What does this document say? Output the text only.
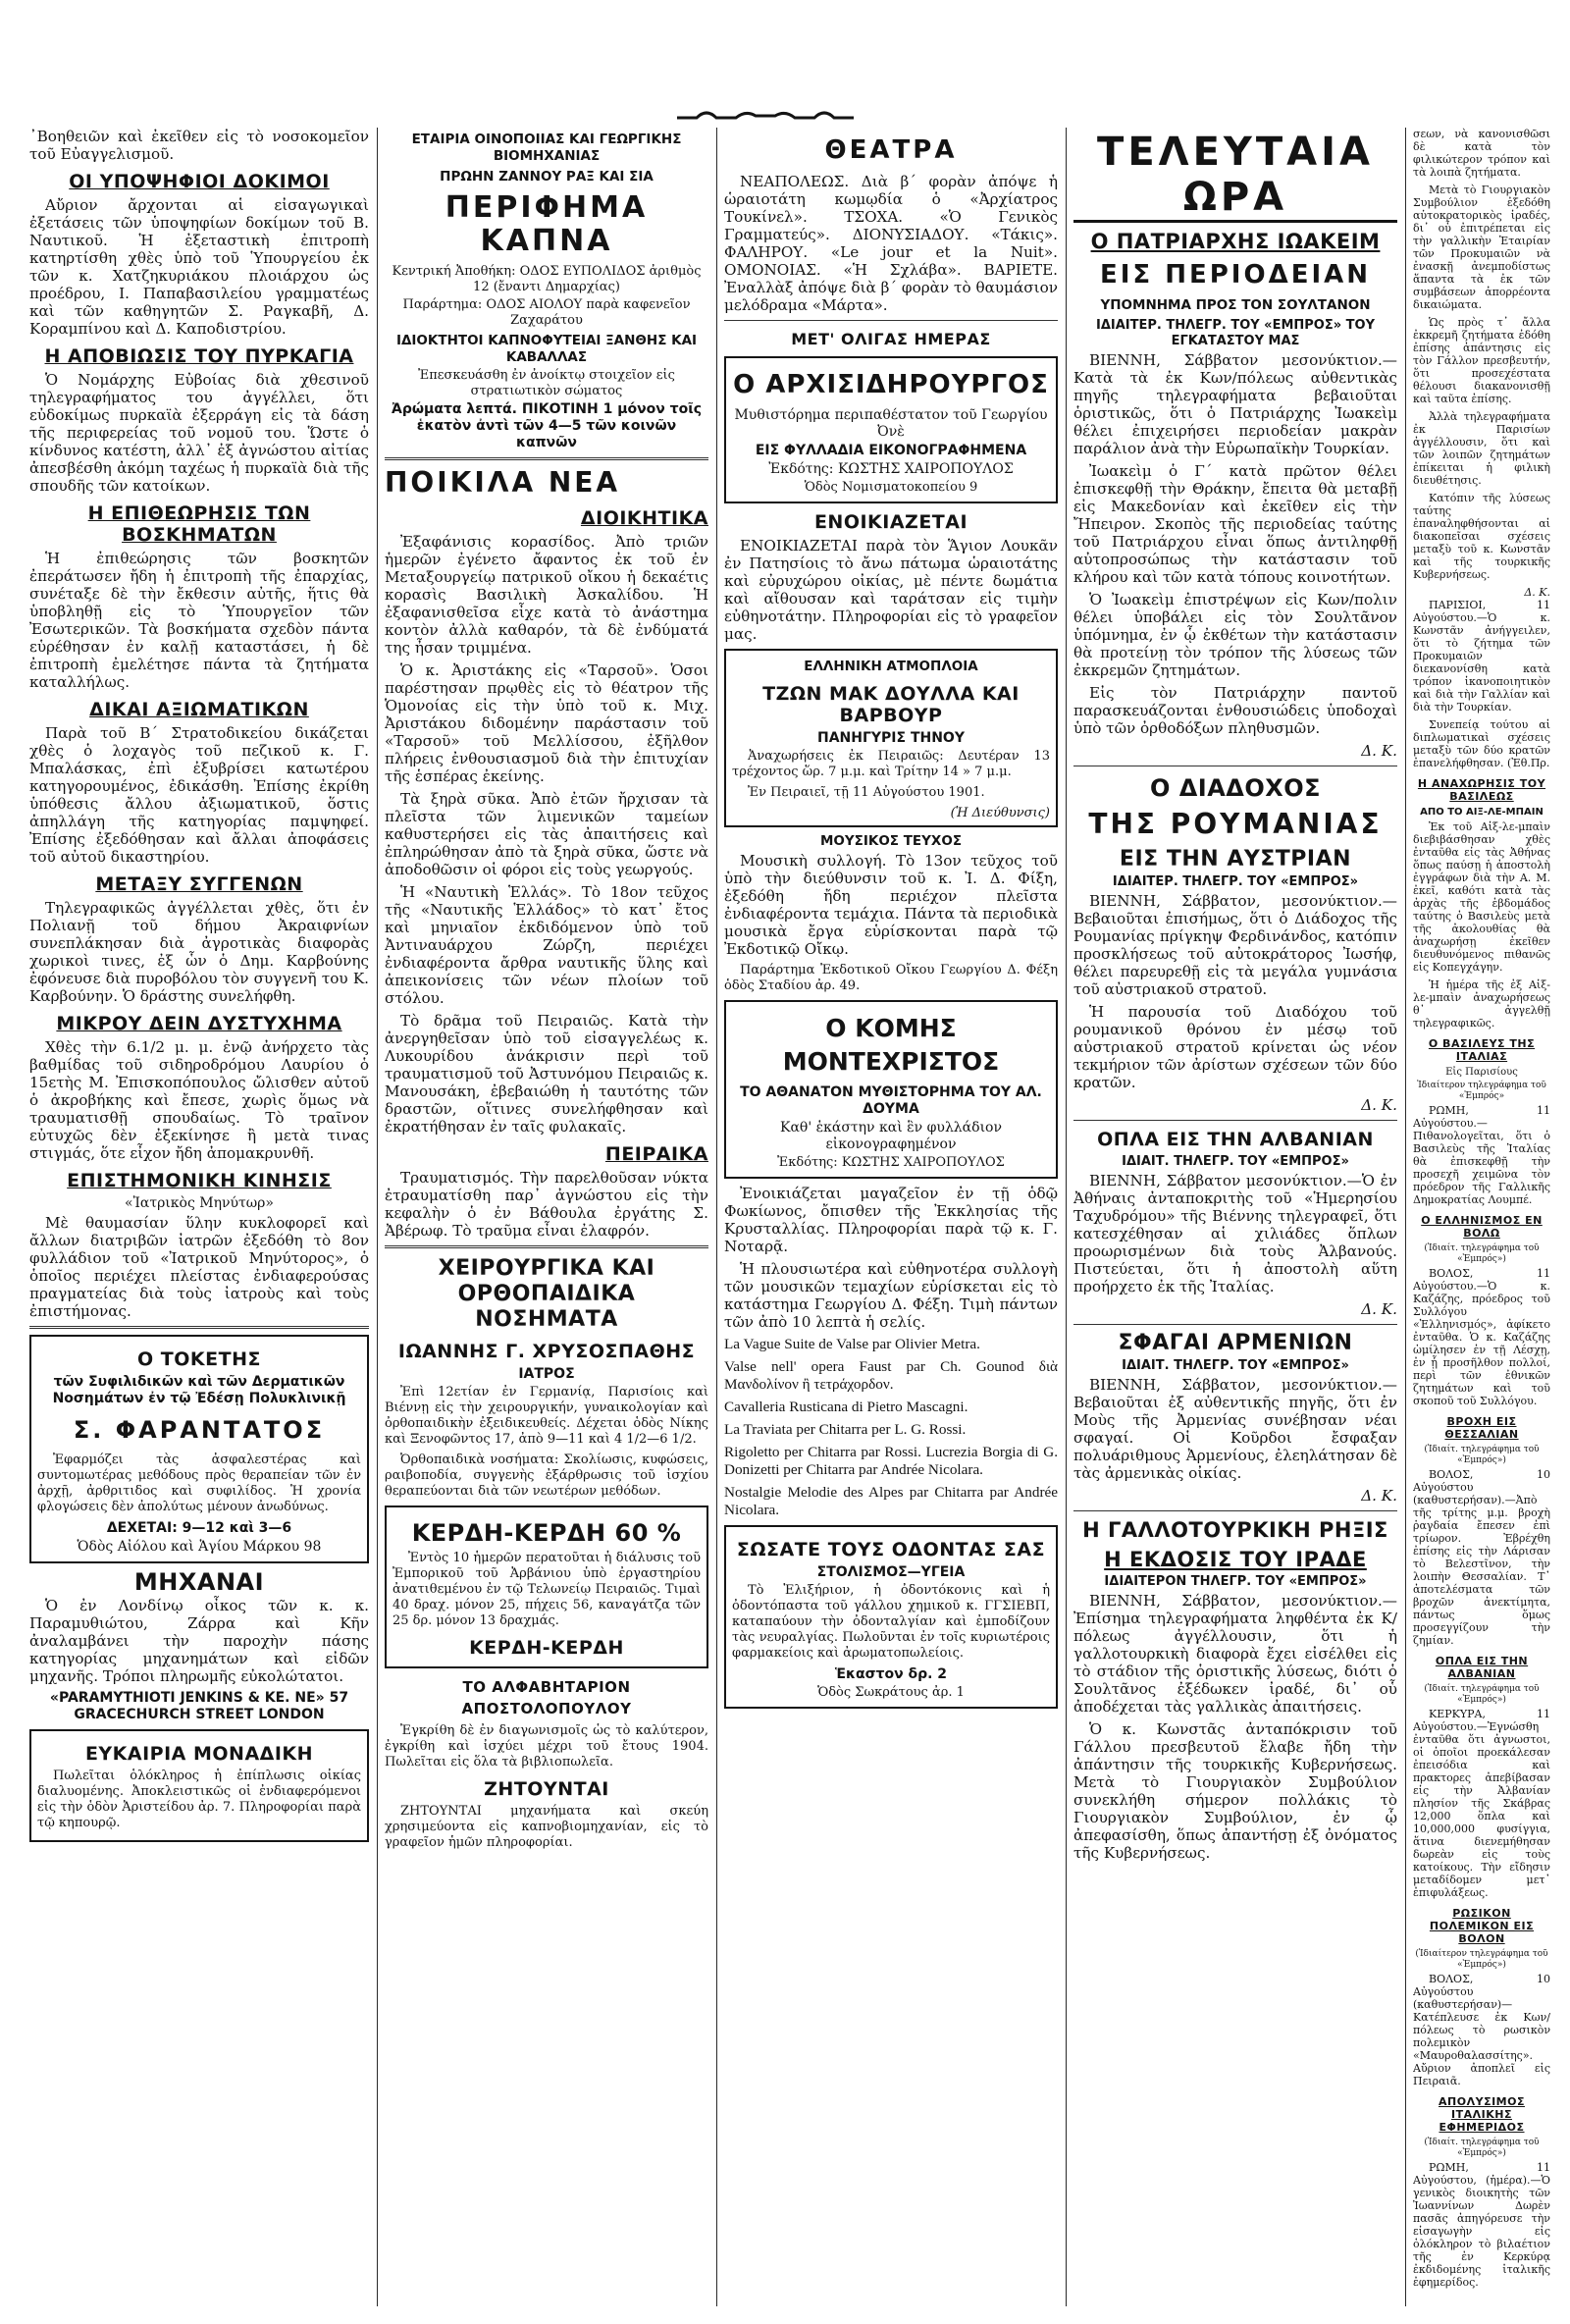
᾿Βοηθειῶν καὶ ἐκεῖθεν εἰς τὸ νοσοκομεῖον τοῦ Εὐαγγελισμοῦ.

ΟΙ ΥΠΟΨΗΦΙΟΙ ΔΟΚΙΜΟΙ

Αὔριον ἄρχονται αἱ εἰσαγωγικαὶ ἐξετάσεις τῶν ὑποψηφίων δοκίμων τοῦ Β. Ναυτικοῦ. Ἡ ἐξεταστικὴ ἐπιτροπὴ κατηρτίσθη χθὲς ὑπὸ τοῦ Ὑπουργείου ἐκ τῶν κ. Χατζηκυριάκου πλοιάρχου ὡς προέδρου, Ι. Παπαβασιλείου γραμματέως καὶ τῶν καθηγητῶν Σ. Ραγκαβῆ, Δ. Κοραμπίνου καὶ Δ. Καποδιστρίου.

Η ΑΠΟΒΙΩΣΙΣ ΤΟΥ ΠΥΡΚΑΓΙΑ

Ὁ Νομάρχης Εὐβοίας διὰ χθεσινοῦ τηλεγραφήματος του ἀγγέλλει, ὅτι εὐδοκίμως πυρκαϊὰ ἐξερράγη εἰς τὰ δάση τῆς περιφερείας τοῦ νομοῦ του. Ὥστε ὁ κίνδυνος κατέστη, ἀλλ᾽ ἐξ ἀγνώστου αἰτίας ἀπεσβέσθη ἀκόμη ταχέως ἡ πυρκαϊὰ διὰ τῆς σπουδῆς τῶν κατοίκων.

Η ΕΠΙΘΕΩΡΗΣΙΣ ΤΩΝ ΒΟΣΚΗΜΑΤΩΝ

Ἡ ἐπιθεώρησις τῶν βοσκητῶν ἐπεράτωσεν ἤδη ἡ ἐπιτροπὴ τῆς ἐπαρχίας, συνέταξε δὲ τὴν ἔκθεσιν αὐτῆς, ἥτις θὰ ὑποβληθῇ εἰς τὸ Ὑπουργεῖον τῶν Ἐσωτερικῶν. Τὰ βοσκήματα σχεδὸν πάντα εὑρέθησαν ἐν καλῇ καταστάσει, ἡ δὲ ἐπιτροπὴ ἐμελέτησε πάντα τὰ ζητήματα καταλλήλως.

ΔΙΚΑΙ ΑΞΙΩΜΑΤΙΚΩΝ

Παρὰ τοῦ Β´ Στρατοδικείου δικάζεται χθὲς ὁ λοχαγὸς τοῦ πεζικοῦ κ. Γ. Μπαλάσκας, ἐπὶ ἐξυβρίσει κατωτέρου κατηγορουμένος, ἐδικάσθη. Ἐπίσης ἐκρίθη ὑπόθεσις ἄλλου ἀξιωματικοῦ, ὅστις ἀπηλλάγη τῆς κατηγορίας παμψηφεί. Ἐπίσης ἐξεδόθησαν καὶ ἄλλαι ἀποφάσεις τοῦ αὐτοῦ δικαστηρίου.

ΜΕΤΑΞΥ ΣΥΓΓΕΝΩΝ

Τηλεγραφικῶς ἀγγέλλεται χθὲς, ὅτι ἐν Πολιανῇ τοῦ δήμου Ἀκραιφνίων συνεπλάκησαν διὰ ἀγροτικὰς διαφορὰς χωρικοὶ τινες, ἐξ ὧν ὁ Δημ. Καρβούνης ἐφόνευσε διὰ πυροβόλου τὸν συγγενῆ του Κ. Καρβούνην. Ὁ δράστης συνελήφθη.

ΜΙΚΡΟΥ ΔΕΙΝ ΔΥΣΤΥΧΗΜΑ

Χθὲς τὴν 6.1/2 μ. μ. ἐνῷ ἀνήρχετο τὰς βαθμίδας τοῦ σιδηροδρόμου Λαυρίου ὁ 15ετὴς Μ. Ἐπισκοπόπουλος ὤλισθεν αὐτοῦ ὁ ἀκροβήκης καὶ ἔπεσε, χωρὶς ὅμως νὰ τραυματισθῇ σπουδαίως. Τὸ τραῖνον εὐτυχῶς δὲν ἐξεκίνησε ἢ μετὰ τινας στιγμάς, ὅτε εἶχον ἤδη ἀπομακρυνθῆ.

ΕΠΙΣΤΗΜΟΝΙΚΗ ΚΙΝΗΣΙΣ
«Ἰατρικὸς Μηνύτωρ»

Μὲ θαυμασίαν ὕλην κυκλοφορεῖ καὶ ἄλλων διατριβῶν ἰατρῶν ἐξεδόθη τὸ 8ον φυλλάδιον τοῦ «Ἰατρικοῦ Μηνύτορος», ὁ ὁποῖος περιέχει πλείστας ἐνδιαφερούσας πραγματείας διὰ τοὺς ἰατροὺς καὶ τοὺς ἐπιστήμονας.

Ο ΤΟΚΕΤΗΣ
τῶν Συφιλιδικῶν καὶ τῶν Δερματικῶν Νοσημάτων ἐν τῷ Ἐδέσῃ Πολυκλινικῇ
Σ. ΦΑΡΑΝΤΑΤΟΣ

Ἐφαρμόζει τὰς ἀσφαλεστέρας καὶ συντομωτέρας μεθόδους πρὸς θεραπείαν τῶν ἐν ἀρχῇ, ἀρθριτιδος καὶ συφιλίδος. Ἡ χρονία φλογώσεις δὲν ἀπολύτως μένουν ἀνωδύνως.

ΔΕΧΕΤΑΙ: 9—12 καὶ 3—6
Ὁδὸς Αἰόλου καὶ Ἁγίου Μάρκου 98
ΜΗΧΑΝΑΙ

Ὁ ἐν Λονδίνῳ οἶκος τῶν κ. κ. Παραμυθιώτου, Ζάρρα καὶ Κῆν ἀναλαμβάνει τὴν παροχὴν πάσης κατηγορίας μηχανημάτων καὶ εἰδῶν μηχανῆς. Τρόποι πληρωμῆς εὐκολώτατοι.

«PARAMYTHIOTI JENKINS & KE. NE» 57 GRACECHURCH STREET LONDON
ΕΥΚΑΙΡΙΑ ΜΟΝΑΔΙΚΗ

Πωλεῖται ὁλόκληρος ἡ ἐπίπλωσις οἰκίας διαλυομένης. Ἀποκλειστικῶς οἱ ἐνδιαφερόμενοι εἰς τὴν ὁδὸν Ἀριστείδου ἀρ. 7. Πληροφορίαι παρὰ τῷ κηπουρῷ.

ΕΤΑΙΡΙΑ ΟΙΝΟΠΟΙΙΑΣ ΚΑΙ ΓΕΩΡΓΙΚΗΣ ΒΙΟΜΗΧΑΝΙΑΣ
ΠΡΩΗΝ ΖΑΝΝΟΥ ΡΑΞ ΚΑΙ ΣΙΑ
ΠΕΡΙΦΗΜΑ ΚΑΠΝΑ
Κεντρική Ἀποθήκη: ΟΔΟΣ ΕΥΠΟΛΙΔΟΣ ἀριθμὸς 12 (ἔναντι Δημαρχίας)
Παράρτημα: ΟΔΟΣ ΑΙΟΛΟΥ παρὰ καφενεῖον Ζαχαράτου
ΙΔΙΟΚΤΗΤΟΙ ΚΑΠΝΟΦΥΤΕΙΑΙ ΞΑΝΘΗΣ ΚΑΙ ΚΑΒΑΛΛΑΣ
Ἐπεσκευάσθη ἐν ἀνοίκτῳ στοιχεῖον εἰς στρατιωτικὸν σώματος
Ἀρώματα λεπτά. ΠΙΚΟΤΙΝΗ 1 μόνον τοῖς ἑκατὸν ἀντὶ τῶν 4—5 τῶν κοινῶν καπνῶν
ΠΟΙΚΙΛΑ ΝΕΑ
ΔΙΟΙΚΗΤΙΚΑ

Ἐξαφάνισις κορασίδος. Ἀπὸ τριῶν ἡμερῶν ἐγένετο ἄφαντος ἐκ τοῦ ἐν Μεταξουργείῳ πατρικοῦ οἴκου ἡ δεκαέτις κορασὶς Βασιλικὴ Ἀσκαλίδου. Ἡ ἐξαφανισθεῖσα εἶχε κατὰ τὸ ἀνάστημα κοντὸν ἀλλὰ καθαρόν, τὰ δὲ ἐνδύματά της ἦσαν τριμμένα.

Ὁ κ. Ἀριστάκης εἰς «Ταρσοῦ». Ὁσοι παρέστησαν πρῳθὲς εἰς τὸ θέατρον τῆς Ὁμονοίας εἰς τὴν ὑπὸ τοῦ κ. Μιχ. Ἀριστάκου διδομένην παράστασιν τοῦ «Ταρσοῦ» τοῦ Μελλίσσου, ἐξῆλθον πλήρεις ἐνθουσιασμοῦ διὰ τὴν ἐπιτυχίαν τῆς ἑσπέρας ἐκείνης.

Τὰ ξηρὰ σῦκα. Ἀπὸ ἐτῶν ἤρχισαν τὰ πλεῖστα τῶν λιμενικῶν ταμείων καθυστερήσει εἰς τὰς ἀπαιτήσεις καὶ ἐπληρώθησαν ἀπὸ τὰ ξηρὰ σῦκα, ὥστε νὰ ἀποδοθῶσιν οἱ φόροι εἰς τοὺς γεωργούς.

Ἡ «Ναυτικὴ Ἑλλάς». Τὸ 18ον τεῦχος τῆς «Ναυτικῆς Ἑλλάδος» τὸ κατ᾽ ἔτος καὶ μηνιαῖον ἐκδιδόμενον ὑπὸ τοῦ Ἀντιναυάρχου Ζώρζη, περιέχει ἐνδιαφέροντα ἄρθρα ναυτικῆς ὕλης καὶ ἀπεικονίσεις τῶν νέων πλοίων τοῦ στόλου.

Τὸ δρᾶμα τοῦ Πειραιῶς. Κατὰ τὴν ἀνεργηθεῖσαν ὑπὸ τοῦ εἰσαγγελέως κ. Λυκουρίδου ἀνάκρισιν περὶ τοῦ τραυματισμοῦ τοῦ Ἀστυνόμου Πειραιῶς κ. Μανουσάκη, ἐβεβαιώθη ἡ ταυτότης τῶν δραστῶν, οἵτινες συνελήφθησαν καὶ ἐκρατήθησαν ἐν ταῖς φυλακαῖς.

ΠΕΙΡΑΙΚΑ

Τραυματισμός. Τὴν παρελθοῦσαν νύκτα ἐτραυματίσθη παρ᾽ ἀγνώστου εἰς τὴν κεφαλὴν ὁ ἐν Βάθουλα ἐργάτης Σ. Ἀβέρωφ. Τὸ τραῦμα εἶναι ἐλαφρόν.

ΧΕΙΡΟΥΡΓΙΚΑ ΚΑΙ ΟΡΘΟΠΑΙΔΙΚΑ ΝΟΣΗΜΑΤΑ
ΙΩΑΝΝΗΣ Γ. ΧΡΥΣΟΣΠΑΘΗΣ
ΙΑΤΡΟΣ

Ἐπὶ 12ετίαν ἐν Γερμανίᾳ, Παρισίοις καὶ Βιέννῃ εἰς τὴν χειρουργικήν, γυναικολογίαν καὶ ὀρθοπαιδικὴν ἐξειδικευθείς. Δέχεται ὁδὸς Νίκης καὶ Ξενοφῶντος 17, ἀπὸ 9—11 καὶ 4 1/2—6 1/2.

Ὀρθοπαιδικὰ νοσήματα: Σκολίωσις, κυφώσεις, ραιβοποδία, συγγενὴς ἐξάρθρωσις τοῦ ἰσχίου θεραπεύονται διὰ τῶν νεωτέρων μεθόδων.

ΚΕΡΔΗ-ΚΕΡΔΗ 60 %

Ἐντὸς 10 ἡμερῶν περατοῦται ἡ διάλυσις τοῦ Ἐμπορικοῦ τοῦ Ἀρβάνιου ὑπὸ ἐργαστηρίου ἀνατιθεμένου ἐν τῷ Τελωνείῳ Πειραιῶς. Τιμαὶ 40 δραχ. μόνον 25, πήχεις 56, καναγάτζα τῶν 25 δρ. μόνον 13 δραχμάς.

ΚΕΡΔΗ-ΚΕΡΔΗ
ΤΟ ΑΛΦΑΒΗΤΑΡΙΟΝ ΑΠΟΣΤΟΛΟΠΟΥΛΟΥ

Ἐγκρίθη δὲ ἐν διαγωνισμοῖς ὡς τὸ καλύτερον, ἐγκρίθη καὶ ἰσχύει μέχρι τοῦ ἔτους 1904. Πωλεῖται εἰς ὅλα τὰ βιβλιοπωλεῖα.

ΖΗΤΟΥΝΤΑΙ

ΖΗΤΟΥΝΤΑΙ μηχανήματα καὶ σκεύη χρησιμεύοντα εἰς καπνοβιομηχανίαν, εἰς τὸ γραφεῖον ἡμῶν πληροφορίαι.

ΘΕΑΤΡΑ

ΝΕΑΠΟΛΕΩΣ. Διὰ β΄ φορὰν ἀπόψε ἡ ὡραιοτάτη κωμῳδία ὁ «Ἀρχίατρος Τουκίνελ». ΤΣΟΧΑ. «Ὁ Γενικὸς Γραμματεύς». ΔΙΟΝΥΣΙΑΔΟΥ. «Τάκις». ΦΑΛΗΡΟΥ. «Le jour et la Nuit». ΟΜΟΝΟΙΑΣ. «Ἡ Σχλάβα». ΒΑΡΙΕΤΕ. Ἐναλλὰξ ἀπόψε διὰ β΄ φορὰν τὸ θαυμάσιον μελόδραμα «Μάρτα».

ΜΕΤ' ΟΛΙΓΑΣ ΗΜΕΡΑΣ
Ο ΑΡΧΙΣΙΔΗΡΟΥΡΓΟΣ
Μυθιστόρημα περιπαθέστατον τοῦ Γεωργίου Ὀνὲ
ΕΙΣ ΦΥΛΛΑΔΙΑ ΕΙΚΟΝΟΓΡΑΦΗΜΕΝΑ
Ἐκδότης: ΚΩΣΤΗΣ ΧΑΙΡΟΠΟΥΛΟΣ
Ὁδὸς Νομισματοκοπείου 9
ΕΝΟΙΚΙΑΖΕΤΑΙ

ΕΝΟΙΚΙΑΖΕΤΑΙ παρὰ τὸν Ἅγιον Λουκᾶν ἐν Πατησίοις τὸ ἄνω πάτωμα ὡραιοτάτης καὶ εὐρυχώρου οἰκίας, μὲ πέντε δωμάτια καὶ αἴθουσαν καὶ ταράτσαν εἰς τιμὴν εὐθηνοτάτην. Πληροφορίαι εἰς τὸ γραφεῖον μας.

ΕΛΛΗΝΙΚΗ ΑΤΜΟΠΛΟΙΑ
ΤΖΩΝ ΜΑΚ ΔΟΥΛΛΑ ΚΑΙ ΒΑΡΒΟΥΡ
ΠΑΝΗΓΥΡΙΣ ΤΗΝΟΥ

Ἀναχωρήσεις ἐκ Πειραιῶς: Δευτέραν 13 τρέχοντος ὥρ. 7 μ.μ. καὶ Τρίτην 14 » 7 μ.μ.

Ἐν Πειραιεῖ, τῇ 11 Αὐγούστου 1901.

(Ἡ Διεύθυνσις)
ΜΟΥΣΙΚΟΣ ΤΕΥΧΟΣ

Μουσικὴ συλλογή. Τὸ 13ον τεῦχος τοῦ ὑπὸ τὴν διεύθυνσιν τοῦ κ. Ἰ. Δ. Φίξη, ἐξεδόθη ἤδη περιέχον πλεῖστα ἐνδιαφέροντα τεμάχια. Πάντα τὰ περιοδικὰ μουσικὰ ἔργα εὑρίσκονται παρὰ τῷ Ἐκδοτικῷ Οἴκῳ.

Παράρτημα Ἐκδοτικοῦ Οἴκου Γεωργίου Δ. Φέξη ὁδὸς Σταδίου ἀρ. 49.

Ο ΚΟΜΗΣ ΜΟΝΤΕΧΡΙΣΤΟΣ
ΤΟ ΑΘΑΝΑΤΟΝ ΜΥΘΙΣΤΟΡΗΜΑ ΤΟΥ ΑΛ. ΔΟΥΜΑ
Καθ' ἑκάστην καὶ ἓν φυλλάδιον εἰκονογραφημένον
Ἐκδότης: ΚΩΣΤΗΣ ΧΑΙΡΟΠΟΥΛΟΣ

Ἐνοικιάζεται μαγαζεῖον ἐν τῇ ὁδῷ Φωκίωνος, ὄπισθεν τῆς Ἐκκλησίας τῆς Κρυσταλλίας. Πληροφορίαι παρὰ τῷ κ. Γ. Νοταρᾷ.

Ἡ πλουσιωτέρα καὶ εὐθηνοτέρα συλλογὴ τῶν μουσικῶν τεμαχίων εὑρίσκεται εἰς τὸ κατάστημα Γεωργίου Δ. Φέξη. Τιμὴ πάντων τῶν ἀπὸ 10 λεπτὰ ἡ σελίς.

La Vague Suite de Valse par Olivier Metra.

Valse nell' opera Faust par Ch. Gounod διὰ Μανδολίνον ἢ τετράχορδον.

Cavalleria Rusticana di Pietro Mascagni.

La Traviata per Chitarra per L. G. Rossi.

Rigoletto per Chitarra par Rossi. Lucrezia Borgia di G. Donizetti per Chitarra par Andrée Nicolara.

Nostalgie Melodie des Alpes par Chitarra par Andrée Nicolara.

ΣΩΣΑΤΕ ΤΟΥΣ ΟΔΟΝΤΑΣ ΣΑΣ
ΣΤΟΛΙΣΜΟΣ—ΥΓΕΙΑ

Τὸ Ἐλιξήριον, ἡ ὀδοντόκονις καὶ ἡ ὀδοντόπαστα τοῦ γάλλου χημικοῦ κ. ΓΓΣΙΕΒΠ, καταπαύουν τὴν ὀδονταλγίαν καὶ ἐμποδίζουν τὰς νευραλγίας. Πωλοῦνται ἐν τοῖς κυριωτέροις φαρμακείοις καὶ ἀρωματοπωλείοις.

Ἑκαστον δρ. 2
Ὁδὸς Σωκράτους ἀρ. 1
ΤΕΛΕΥΤΑΙΑ ΩΡΑ
Ο ΠΑΤΡΙΑΡΧΗΣ ΙΩΑΚΕΙΜ
ΕΙΣ ΠΕΡΙΟΔΕΙΑΝ
ΥΠΟΜΝΗΜΑ ΠΡΟΣ ΤΟΝ ΣΟΥΛΤΑΝΟΝ
ΙΔΙΑΙΤΕΡ. ΤΗΛΕΓΡ. ΤΟΥ «ΕΜΠΡΟΣ» ΤΟΥ ΕΓΚΑΤΑΣΤΟΥ ΜΑΣ

ΒΙΕΝΝΗ, Σάββατον μεσονύκτιον.—Κατὰ τὰ ἐκ Κων/πόλεως αὐθεντικὰς πηγῆς τηλεγραφήματα βεβαιοῦται ὁριστικῶς, ὅτι ὁ Πατριάρχης Ἰωακεὶμ θέλει ἐπιχειρήσει περιοδείαν μακρὰν παράλιον ἀνὰ τὴν Εὐρωπαϊκὴν Τουρκίαν.

Ἰωακεὶμ ὁ Γ΄ κατὰ πρῶτον θέλει ἐπισκεφθῇ τὴν Θράκην, ἔπειτα θὰ μεταβῇ εἰς Μακεδονίαν καὶ ἐκεῖθεν εἰς τὴν Ἤπειρον. Σκοπὸς τῆς περιοδείας ταύτης τοῦ Πατριάρχου εἶναι ὅπως ἀντιληφθῇ αὐτοπροσώπως τὴν κατάστασιν τοῦ κλήρου καὶ τῶν κατὰ τόπους κοινοτήτων.

Ὁ Ἰωακεὶμ ἐπιστρέψων εἰς Κων/πολιν θέλει ὑποβάλει εἰς τὸν Σουλτᾶνον ὑπόμνημα, ἐν ᾧ ἐκθέτων τὴν κατάστασιν θὰ προτείνῃ τὸν τρόπον τῆς λύσεως τῶν ἐκκρεμῶν ζητημάτων.

Εἰς τὸν Πατριάρχην παντοῦ παρασκευάζονται ἐνθουσιώδεις ὑποδοχαὶ ὑπὸ τῶν ὀρθοδόξων πληθυσμῶν.

Δ. Κ.
Ο ΔΙΑΔΟΧΟΣ
ΤΗΣ ΡΟΥΜΑΝΙΑΣ
ΕΙΣ ΤΗΝ ΑΥΣΤΡΙΑΝ
ΙΔΙΑΙΤΕΡ. ΤΗΛΕΓΡ. ΤΟΥ «ΕΜΠΡΟΣ»

ΒΙΕΝΝΗ, Σάββατον, μεσονύκτιον.—Βεβαιοῦται ἐπισήμως, ὅτι ὁ Διάδοχος τῆς Ρουμανίας πρίγκηψ Φερδινάνδος, κατόπιν προσκλήσεως τοῦ αὐτοκράτορος Ἰωσήφ, θέλει παρευρεθῇ εἰς τὰ μεγάλα γυμνάσια τοῦ αὐστριακοῦ στρατοῦ.

Ἡ παρουσία τοῦ Διαδόχου τοῦ ρουμανικοῦ θρόνου ἐν μέσῳ τοῦ αὐστριακοῦ στρατοῦ κρίνεται ὡς νέον τεκμήριον τῶν ἀρίστων σχέσεων τῶν δύο κρατῶν.

Δ. Κ.
ΟΠΛΑ ΕΙΣ ΤΗΝ ΑΛΒΑΝΙΑΝ
ΙΔΙΑΙΤ. ΤΗΛΕΓΡ. ΤΟΥ «ΕΜΠΡΟΣ»

ΒΙΕΝΝΗ, Σάββατον μεσονύκτιον.—Ὁ ἐν Ἀθήναις ἀνταποκριτὴς τοῦ «Ἡμερησίου Ταχυδρόμου» τῆς Βιέννης τηλεγραφεῖ, ὅτι κατεσχέθησαν αἱ χιλιάδες ὅπλων προωρισμένων διὰ τοὺς Ἀλβανούς. Πιστεύεται, ὅτι ἡ ἀποστολὴ αὕτη προήρχετο ἐκ τῆς Ἰταλίας.

Δ. Κ.
ΣΦΑΓΑΙ ΑΡΜΕΝΙΩΝ
ΙΔΙΑΙΤ. ΤΗΛΕΓΡ. ΤΟΥ «ΕΜΠΡΟΣ»

ΒΙΕΝΝΗ, Σάββατον, μεσονύκτιον.—Βεβαιοῦται ἐξ αὐθεντικῆς πηγῆς, ὅτι ἐν Μοὺς τῆς Ἀρμενίας συνέβησαν νέαι σφαγαί. Οἱ Κοῦρδοι ἔσφαξαν πολυάριθμους Ἀρμενίους, ἐλεηλάτησαν δὲ τὰς ἀρμενικὰς οἰκίας.

Δ. Κ.
Η ΓΑΛΛΟΤΟΥΡΚΙΚΗ ΡΗΞΙΣ
Η ΕΚΔΟΣΙΣ ΤΟΥ ΙΡΑΔΕ
ΙΔΙΑΙΤΕΡΟΝ ΤΗΛΕΓΡ. ΤΟΥ «ΕΜΠΡΟΣ»

ΒΙΕΝΝΗ, Σάββατον, μεσονύκτιον.—Ἐπίσημα τηλεγραφήματα ληφθέντα ἐκ Κ/πόλεως ἀγγέλλουσιν, ὅτι ἡ γαλλοτουρκικὴ διαφορὰ ἔχει εἰσέλθει εἰς τὸ στάδιον τῆς ὁριστικῆς λύσεως, διότι ὁ Σουλτᾶνος ἐξέδωκεν ἰραδέ, δι᾽ οὗ ἀποδέχεται τὰς γαλλικὰς ἀπαιτήσεις.

Ὁ κ. Κωνστᾶς ἀνταπόκρισιν τοῦ Γάλλου πρεσβευτοῦ ἔλαβε ἤδη τὴν ἀπάντησιν τῆς τουρκικῆς Κυβερνήσεως. Μετὰ τὸ Γιουργιακὸν Συμβούλιον συνεκλήθη σήμερον πολλάκις τὸ Γιουργιακὸν Συμβούλιον, ἐν ᾧ ἀπεφασίσθη, ὅπως ἀπαντήσῃ ἐξ ὀνόματος τῆς Κυβερνήσεως.

σεων, νὰ κανονισθῶσι δὲ κατὰ τὸν φιλικώτερον τρόπον καὶ τὰ λοιπὰ ζητήματα.

Μετὰ τὸ Γιουργιακὸν Συμβούλιον ἐξεδόθη αὐτοκρατορικὸς ἰραδές, δι᾽ οὗ ἐπιτρέπεται εἰς τὴν γαλλικὴν Ἑταιρίαν τῶν Προκυμαιῶν νὰ ἐνασκῇ ἀνεμποδίστως ἅπαντα τὰ ἐκ τῶν συμβάσεων ἀπορρέοντα δικαιώματα.

Ὡς πρὸς τ᾽ ἄλλα ἐκκρεμῆ ζητήματα ἐδόθη ἐπίσης ἀπάντησις εἰς τὸν Γάλλον πρεσβευτήν, ὅτι προσεχέστατα θέλουσι διακανονισθῇ καὶ ταῦτα ἐπίσης.

Ἀλλὰ τηλεγραφήματα ἐκ Παρισίων ἀγγέλλουσιν, ὅτι καὶ τῶν λοιπῶν ζητημάτων ἐπίκειται ἡ φιλικὴ διευθέτησις.

Κατόπιν τῆς λύσεως ταύτης ἐπαναληφθήσονται αἱ διακοπεῖσαι σχέσεις μεταξὺ τοῦ κ. Κωνστᾶν καὶ τῆς τουρκικῆς Κυβερνήσεως.

Δ. Κ.

ΠΑΡΙΣΙΟΙ, 11 Αὐγούστου.—Ὁ κ. Κωνστᾶν ἀνήγγειλεν, ὅτι τὸ ζήτημα τῶν Προκυμαιῶν διεκανονίσθη κατὰ τρόπον ἱκανοποιητικὸν καὶ διὰ τὴν Γαλλίαν καὶ διὰ τὴν Τουρκίαν.

Συνεπείᾳ τούτου αἱ διπλωματικαὶ σχέσεις μεταξὺ τῶν δύο κρατῶν ἐπανελήφθησαν. (Ἐθ.Πρ.

Η ΑΝΑΧΩΡΗΣΙΣ ΤΟΥ ΒΑΣΙΛΕΩΣ
ΑΠΟ ΤΟ ΑΙΞ-ΛΕ-ΜΠΑΙΝ

Ἐκ τοῦ Αἰξ-λε-μπαὶν διεβιβάσθησαν χθὲς ἐνταῦθα εἰς τὰς Ἀθήνας ὅπως παύσῃ ἡ ἀποστολὴ ἐγγράφων διὰ τὴν Α. Μ. ἐκεῖ, καθότι κατὰ τὰς ἀρχὰς τῆς ἑβδομάδος ταύτης ὁ Βασιλεὺς μετὰ τῆς ἀκολουθίας θὰ ἀναχωρήσῃ ἐκεῖθεν διευθυνόμενος πιθανῶς εἰς Κοπεγχάγην.

Ἡ ἡμέρα τῆς ἐξ Αἰξ-λε-μπαὶν ἀναχωρήσεως θ᾽ ἀγγελθῇ τηλεγραφικῶς.

Ο ΒΑΣΙΛΕΥΣ ΤΗΣ ΙΤΑΛΙΑΣ
Εἰς Παρισίους
Ἰδιαίτερον τηλεγράφημα τοῦ «Ἐμπρός»

ΡΩΜΗ, 11 Αὐγούστου.—Πιθανολογεῖται, ὅτι ὁ Βασιλεὺς τῆς Ἰταλίας θὰ ἐπισκεφθῇ τὴν προσεχῆ χειμῶνα τὸν πρόεδρον τῆς Γαλλικῆς Δημοκρατίας Λουμπέ.

Ο ΕΛΛΗΝΙΣΜΟΣ ΕΝ ΒΟΛΩ
(Ἰδιαίτ. τηλεγράφημα τοῦ «Ἐμπρός»)

ΒΟΛΟΣ, 11 Αὐγούστου.—Ὁ κ. Καζάζης, πρόεδρος τοῦ Συλλόγου «Ἑλληνισμός», ἀφίκετο ἐνταῦθα. Ὁ κ. Καζάζης ὡμίλησεν ἐν τῇ Λέσχῃ, ἐν ᾗ προσῆλθον πολλοί, περὶ τῶν ἐθνικῶν ζητημάτων καὶ τοῦ σκοποῦ τοῦ Συλλόγου.

ΒΡΟΧΗ ΕΙΣ ΘΕΣΣΑΛΙΑΝ
(Ἰδιαίτ. τηλεγράφημα τοῦ «Ἐμπρός»)

ΒΟΛΟΣ, 10 Αὐγούστου (καθυστερήσαν).—Ἀπὸ τῆς τρίτης μ.μ. βροχὴ ῥαγδαία ἔπεσεν ἐπὶ τρίωρον. Ἐβρέχθη ἐπίσης εἰς τὴν Λάρισαν τὸ Βελεστῖνον, τὴν λοιπὴν Θεσσαλίαν. Τ᾽ ἀποτελέσματα τῶν βροχῶν ἀνεκτίμητα, πάντως ὅμως προσεγγίζουν τὴν ζημίαν.

ΟΠΛΑ ΕΙΣ ΤΗΝ ΑΛΒΑΝΙΑΝ
(Ἰδιαίτ. τηλεγράφημα τοῦ «Ἐμπρός»)

ΚΕΡΚΥΡΑ, 11 Αὐγούστου.—Ἐγνώσθη ἐνταῦθα ὅτι ἀγνωστοι, οἱ ὁποῖοι προεκάλεσαν ἐπεισόδια καὶ πρακτορες ἀπεβίβασαν εἰς τὴν Ἀλβανίαν πλησίον τῆς Σκάβρας 12,000 ὅπλα καὶ 10,000,000 φυσίγγια, ἅτινα διενεμήθησαν δωρεὰν εἰς τοὺς κατοίκους. Τὴν εἴδησιν μεταδίδομεν μετ᾽ ἐπιφυλάξεως.

ΡΩΣΙΚΟΝ ΠΟΛΕΜΙΚΟΝ ΕΙΣ ΒΟΛΟΝ
(Ἰδιαίτερον τηλεγράφημα τοῦ «Ἐμπρός»)

ΒΟΛΟΣ, 10 Αὐγούστου (καθυστερήσαν)—Κατέπλευσε ἐκ Κων/πόλεως τὸ ρωσικὸν πολεμικὸν «Μαυροθαλασσίτης». Αὔριον ἀποπλεῖ εἰς Πειραιᾶ.

ΑΠΟΛΥΣΙΜΟΣ ΙΤΑΛΙΚΗΣ ΕΦΗΜΕΡΙΔΟΣ
(Ἰδιαίτ. τηλεγράφημα τοῦ «Ἐμπρός»)

ΡΩΜΗ, 11 Αὐγούστου, (ἡμέρα).—Ὁ γενικὸς διοικητὴς τῶν Ἰωαννίνων Δωρὲν πασᾶς ἀπηγόρευσε τὴν εἰσαγωγὴν εἰς ὁλόκληρον τὸ βιλαέτιον τῆς ἐν Κερκύρᾳ ἐκδιδομένης ἰταλικῆς ἐφημερίδος.
